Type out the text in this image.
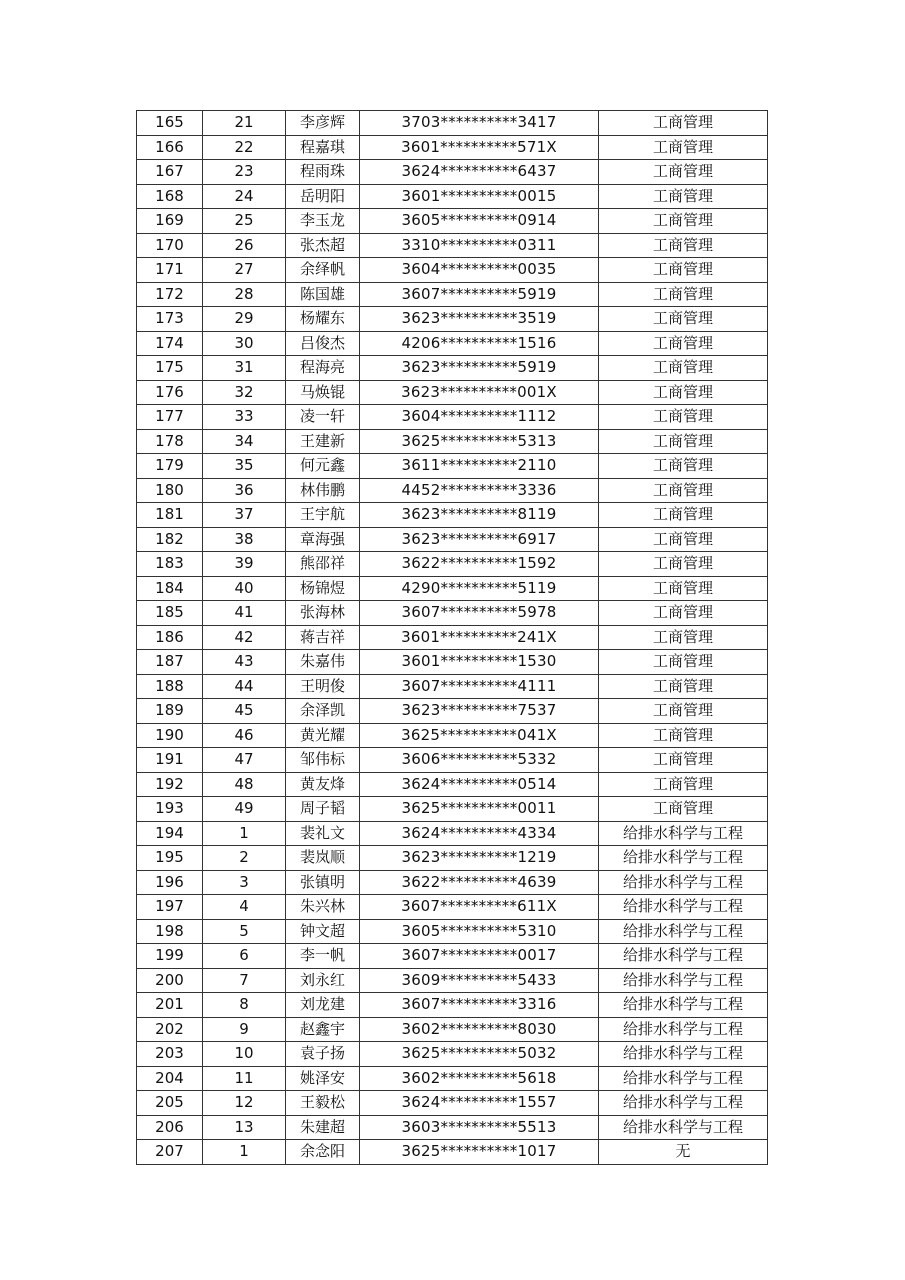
165	21	李彦辉	3703**********3417	工商管理
166	22	程嘉琪	3601**********571X	工商管理
167	23	程雨珠	3624**********6437	工商管理
168	24	岳明阳	3601**********0015	工商管理
169	25	李玉龙	3605**********0914	工商管理
170	26	张杰超	3310**********0311	工商管理
171	27	余绎帆	3604**********0035	工商管理
172	28	陈国雄	3607**********5919	工商管理
173	29	杨耀东	3623**********3519	工商管理
174	30	吕俊杰	4206**********1516	工商管理
175	31	程海亮	3623**********5919	工商管理
176	32	马焕锟	3623**********001X	工商管理
177	33	凌一轩	3604**********1112	工商管理
178	34	王建新	3625**********5313	工商管理
179	35	何元鑫	3611**********2110	工商管理
180	36	林伟鹏	4452**********3336	工商管理
181	37	王宇航	3623**********8119	工商管理
182	38	章海强	3623**********6917	工商管理
183	39	熊邵祥	3622**********1592	工商管理
184	40	杨锦煜	4290**********5119	工商管理
185	41	张海林	3607**********5978	工商管理
186	42	蒋吉祥	3601**********241X	工商管理
187	43	朱嘉伟	3601**********1530	工商管理
188	44	王明俊	3607**********4111	工商管理
189	45	余泽凯	3623**********7537	工商管理
190	46	黄光耀	3625**********041X	工商管理
191	47	邹伟标	3606**********5332	工商管理
192	48	黄友烽	3624**********0514	工商管理
193	49	周子韬	3625**********0011	工商管理
194	1	裴礼文	3624**********4334	给排水科学与工程
195	2	裴岚顺	3623**********1219	给排水科学与工程
196	3	张镇明	3622**********4639	给排水科学与工程
197	4	朱兴林	3607**********611X	给排水科学与工程
198	5	钟文超	3605**********5310	给排水科学与工程
199	6	李一帆	3607**********0017	给排水科学与工程
200	7	刘永红	3609**********5433	给排水科学与工程
201	8	刘龙建	3607**********3316	给排水科学与工程
202	9	赵鑫宇	3602**********8030	给排水科学与工程
203	10	袁子扬	3625**********5032	给排水科学与工程
204	11	姚泽安	3602**********5618	给排水科学与工程
205	12	王毅松	3624**********1557	给排水科学与工程
206	13	朱建超	3603**********5513	给排水科学与工程
207	1	余念阳	3625**********1017	无
